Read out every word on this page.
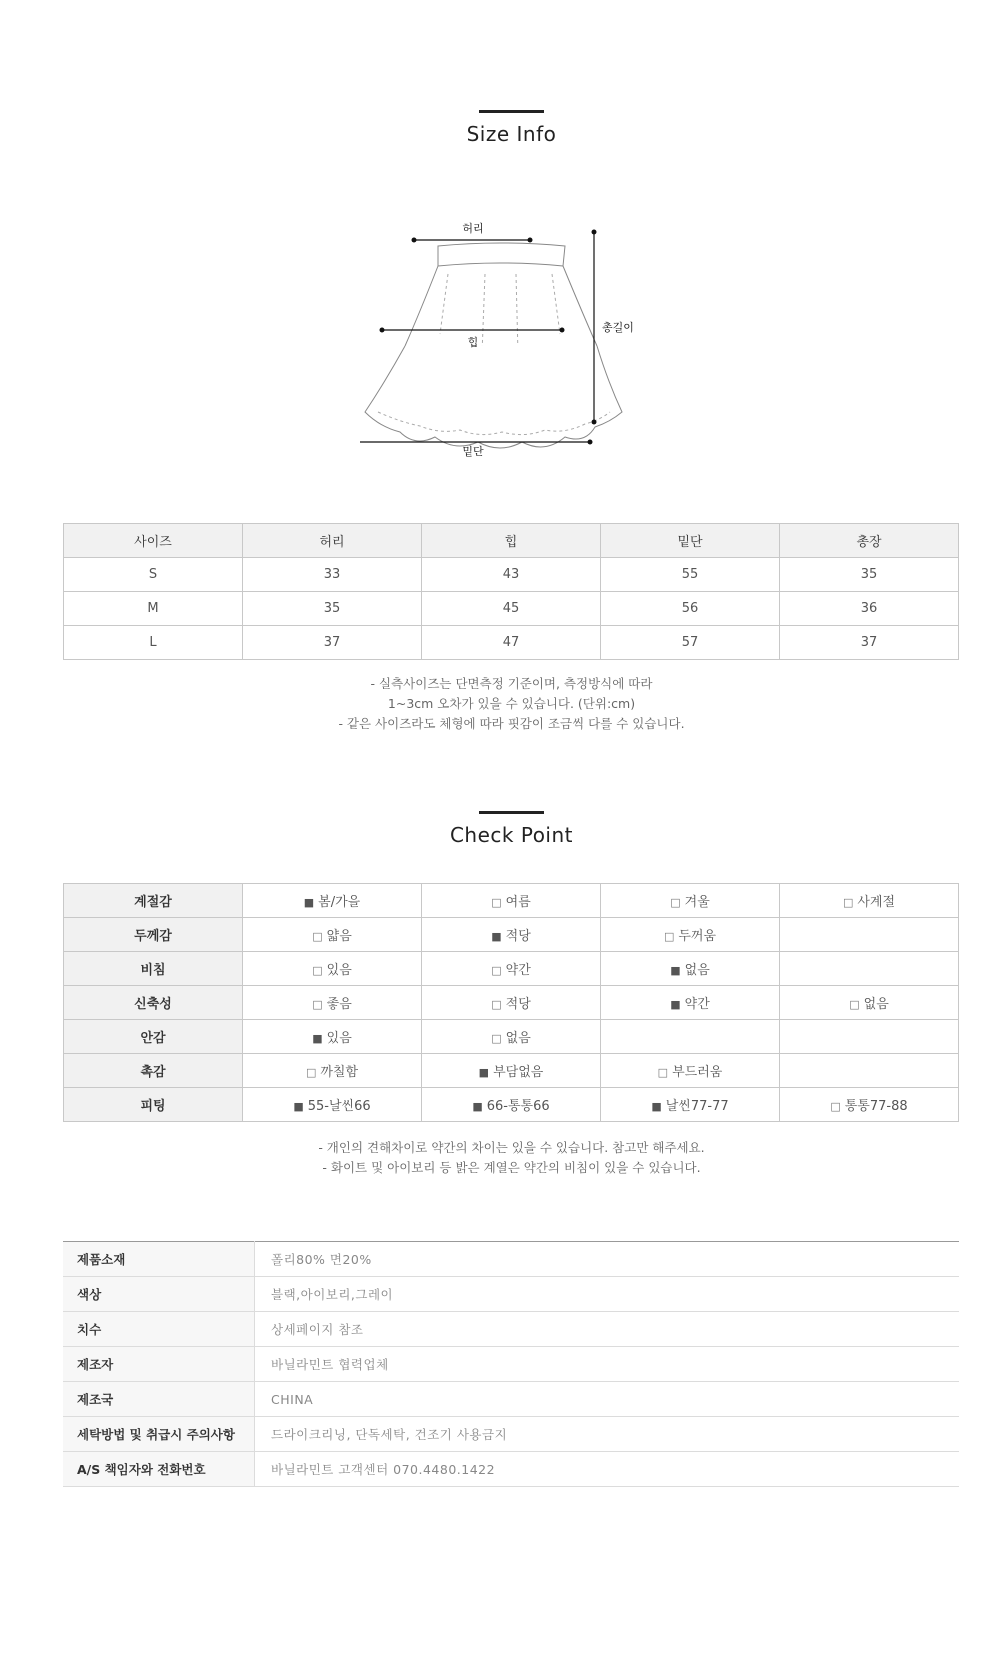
Size Info
허리
힙
총길이
밑단
사이즈	허리	힙	밑단	총장
S	33	43	55	35
M	35	45	56	36
L	37	47	57	37
- 실측사이즈는 단면측정 기준이며, 측정방식에 따라
1~3cm 오차가 있을 수 있습니다. (단위:cm)
- 같은 사이즈라도 체형에 따라 핏감이 조금씩 다를 수 있습니다.
Check Point
계절감	■ 봄/가을	□ 여름	□ 겨울	□ 사계절
두께감	□ 얇음	■ 적당	□ 두꺼움	
비침	□ 있음	□ 약간	■ 없음	
신축성	□ 좋음	□ 적당	■ 약간	□ 없음
안감	■ 있음	□ 없음		
촉감	□ 까칠함	■ 부담없음	□ 부드러움	
피팅	■ 55-날씬66	■ 66-통통66	■ 날씬77-77	□ 통통77-88
- 개인의 견해차이로 약간의 차이는 있을 수 있습니다. 참고만 해주세요.
- 화이트 및 아이보리 등 밝은 계열은 약간의 비침이 있을 수 있습니다.
제품소재	폴리80% 면20%
색상	블랙,아이보리,그레이
치수	상세페이지 참조
제조자	바닐라민트 협력업체
제조국	CHINA
세탁방법 및 취급시 주의사항	드라이크리닝, 단독세탁, 건조기 사용금지
A/S 책임자와 전화번호	바닐라민트 고객센터 070.4480.1422
